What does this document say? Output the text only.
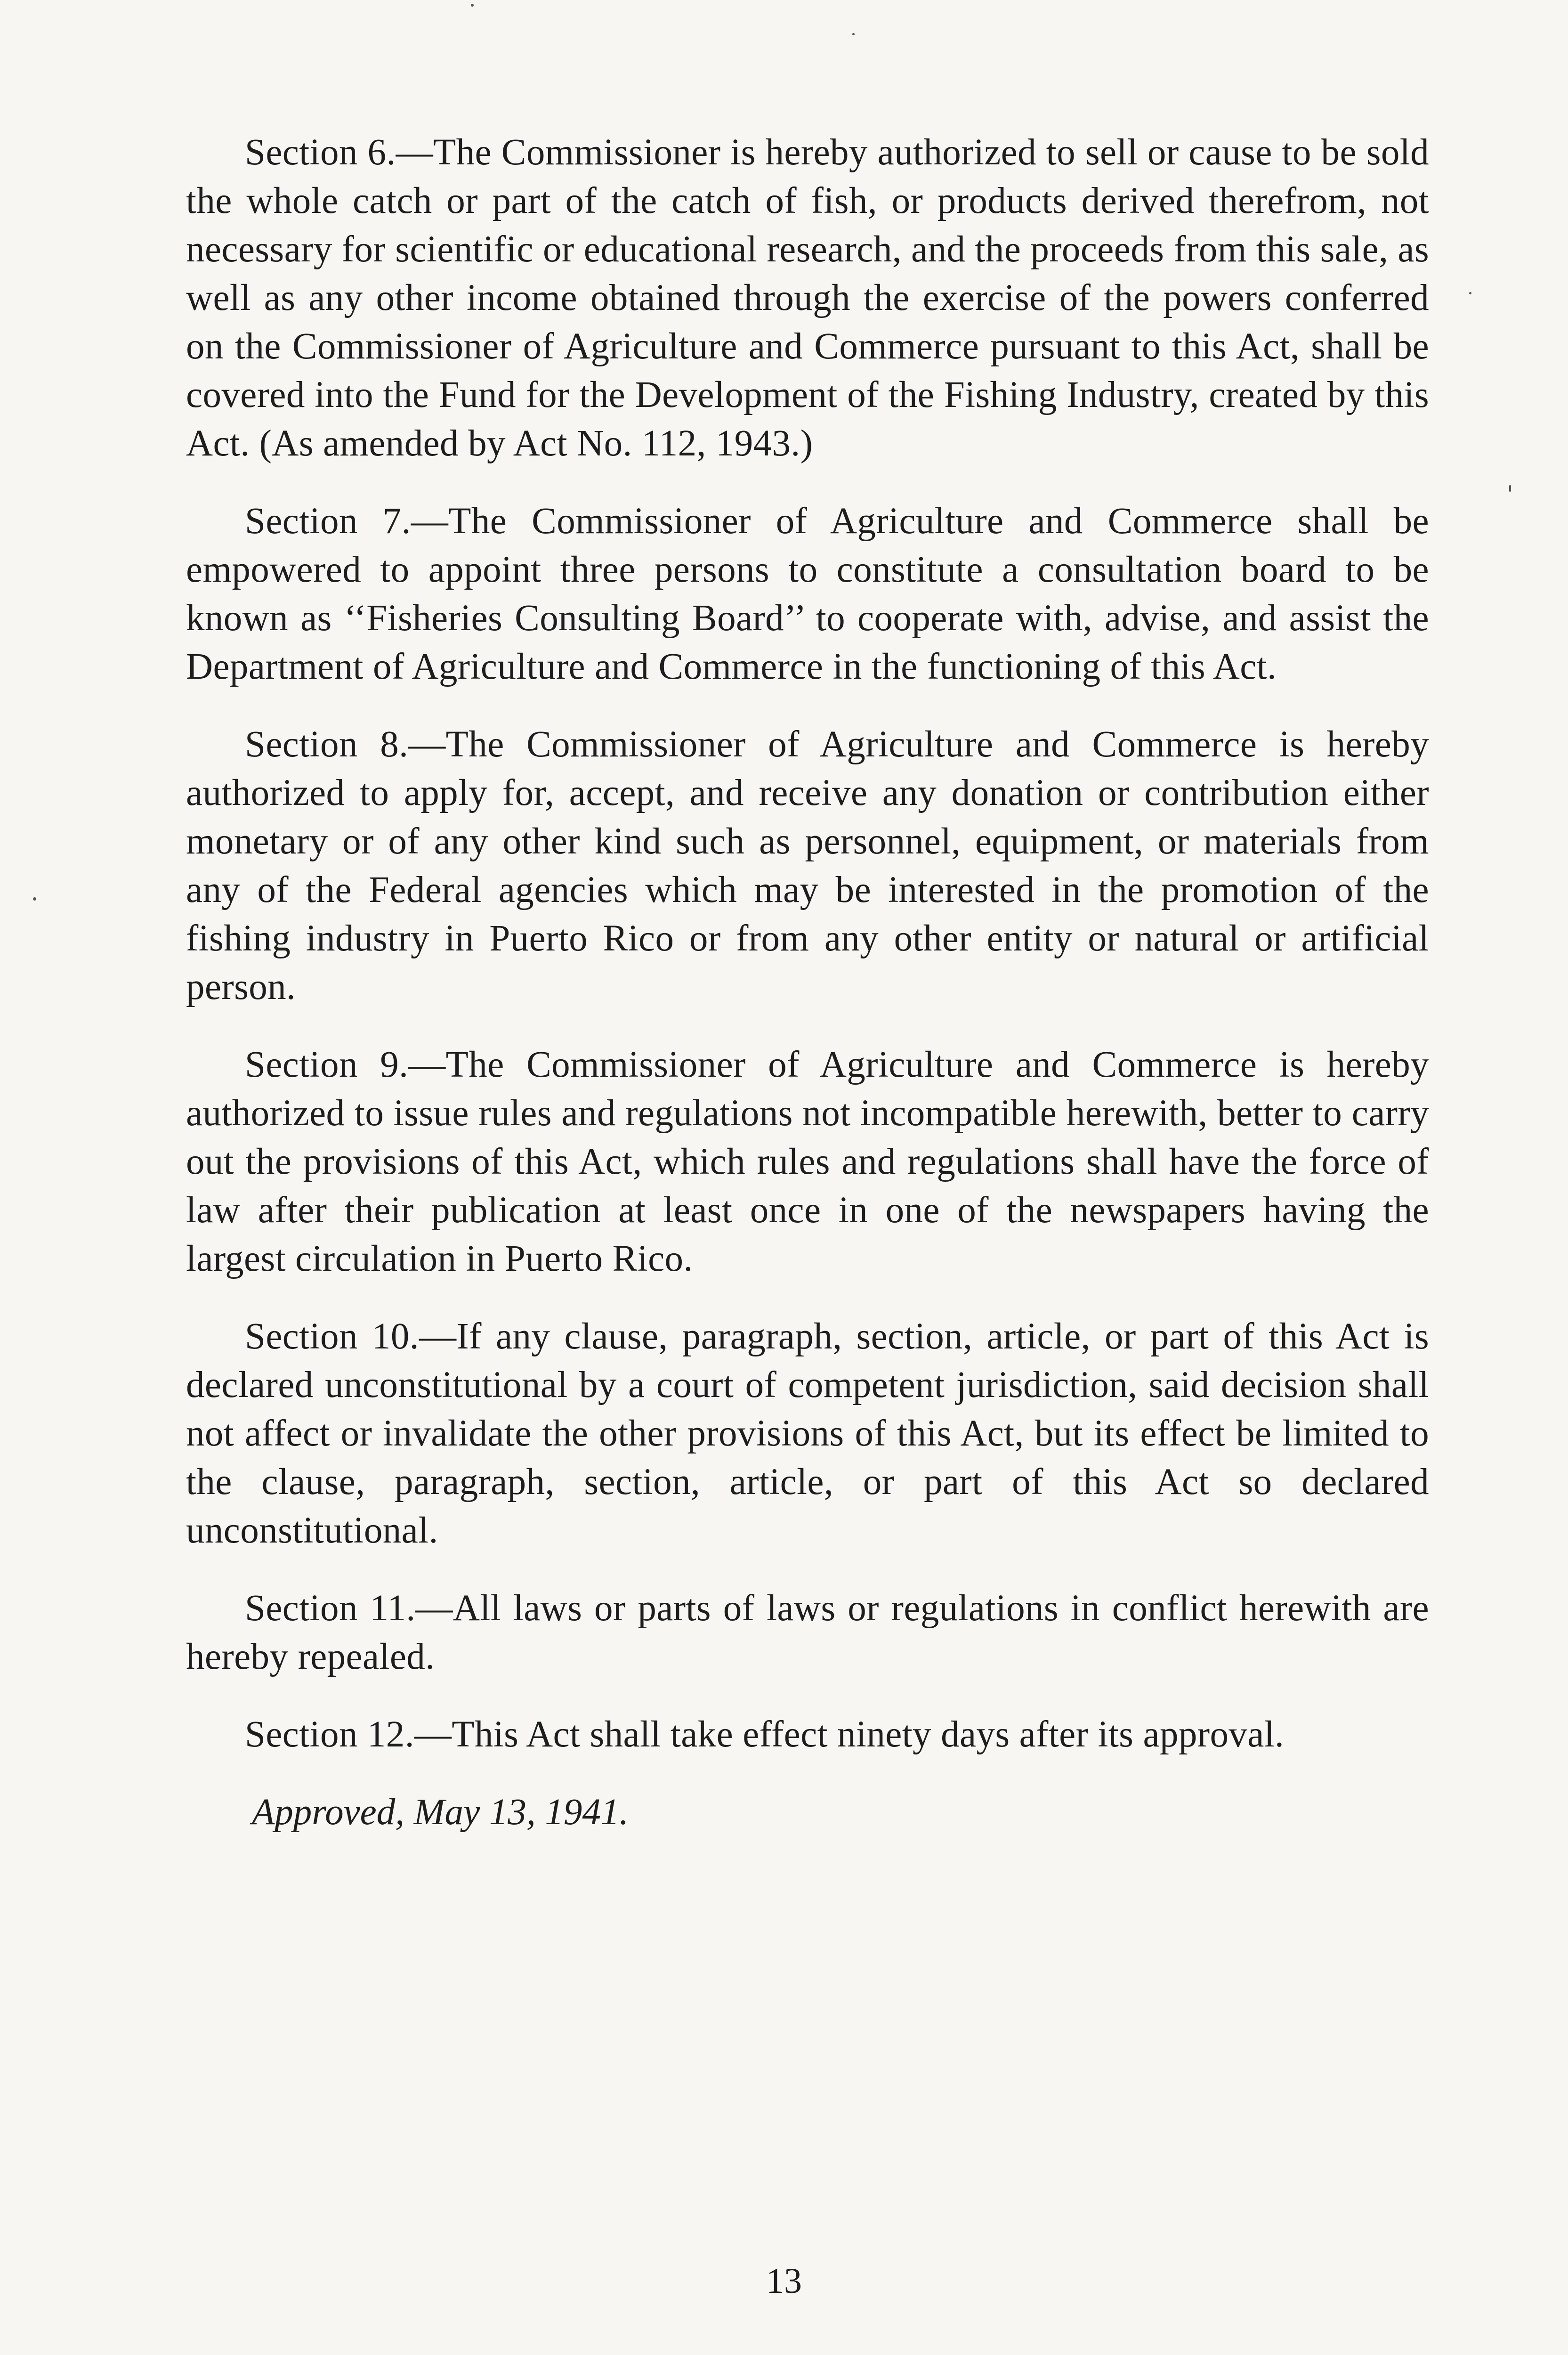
Section 6.—The Commissioner is hereby authorized to sell or cause to be sold the whole catch or part of the catch of fish, or products derived therefrom, not necessary for scientific or educational research, and the proceeds from this sale, as well as any other income obtained through the exercise of the powers conferred on the Commissioner of Agriculture and Commerce pursuant to this Act, shall be covered into the Fund for the Development of the Fishing Industry, created by this Act. (As amended by Act No. 112, 1943.)

Section 7.—The Commissioner of Agriculture and Commerce shall be empowered to appoint three persons to constitute a consultation board to be known as ‘‘Fisheries Consulting Board’’ to cooperate with, advise, and assist the Department of Agriculture and Commerce in the functioning of this Act.

Section 8.—The Commissioner of Agriculture and Commerce is hereby authorized to apply for, accept, and receive any donation or contribution either monetary or of any other kind such as personnel, equipment, or materials from any of the Federal agencies which may be interested in the promotion of the fishing industry in Puerto Rico or from any other entity or natural or artificial person.

Section 9.—The Commissioner of Agriculture and Commerce is hereby authorized to issue rules and regulations not incompatible herewith, better to carry out the provisions of this Act, which rules and regulations shall have the force of law after their publication at least once in one of the newspapers having the largest circulation in Puerto Rico.

Section 10.—If any clause, paragraph, section, article, or part of this Act is declared unconstitutional by a court of competent jurisdiction, said decision shall not affect or invalidate the other provisions of this Act, but its effect be limited to the clause, paragraph, section, article, or part of this Act so declared unconstitutional.

Section 11.—All laws or parts of laws or regulations in conflict herewith are hereby repealed.

Section 12.—This Act shall take effect ninety days after its approval.

Approved, May 13, 1941.

13
